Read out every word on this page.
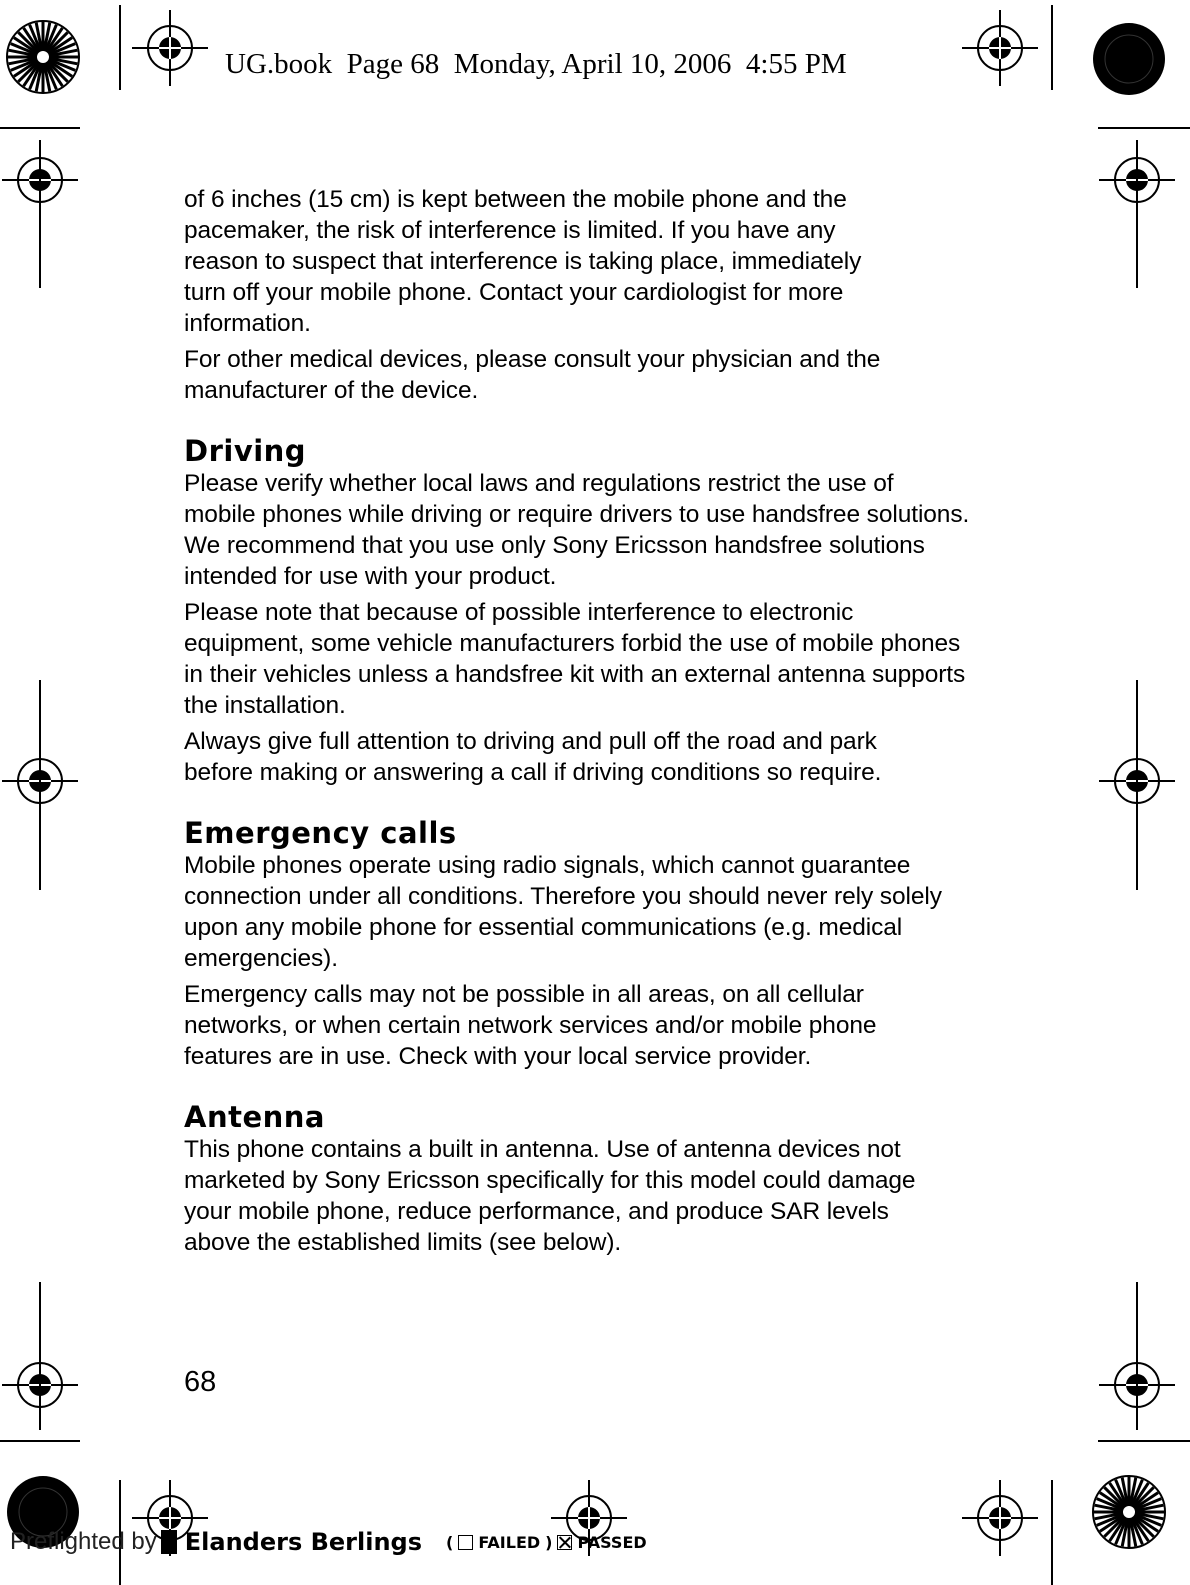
UG.book  Page 68  Monday, April 10, 2006  4:55 PM

of 6 inches (15 cm) is kept between the mobile phone and the
pacemaker, the risk of interference is limited. If you have any
reason to suspect that interference is taking place, immediately
turn off your mobile phone. Contact your cardiologist for more
information.

For other medical devices, please consult your physician and the
manufacturer of the device.

Driving

Please verify whether local laws and regulations restrict the use of
mobile phones while driving or require drivers to use handsfree solutions.
We recommend that you use only Sony Ericsson handsfree solutions
intended for use with your product.

Please note that because of possible interference to electronic
equipment, some vehicle manufacturers forbid the use of mobile phones
in their vehicles unless a handsfree kit with an external antenna supports
the installation.

Always give full attention to driving and pull off the road and park
before making or answering a call if driving conditions so require.

Emergency calls

Mobile phones operate using radio signals, which cannot guarantee
connection under all conditions. Therefore you should never rely solely
upon any mobile phone for essential communications (e.g. medical
emergencies).

Emergency calls may not be possible in all areas, on all cellular
networks, or when certain network services and/or mobile phone
features are in use. Check with your local service provider.

Antenna

This phone contains a built in antenna. Use of antenna devices not
marketed by Sony Ericsson specifically for this model could damage
your mobile phone, reduce performance, and produce SAR levels
above the established limits (see below).

68
Preflighted by Elanders Berlings ( FAILED ) PASSED
